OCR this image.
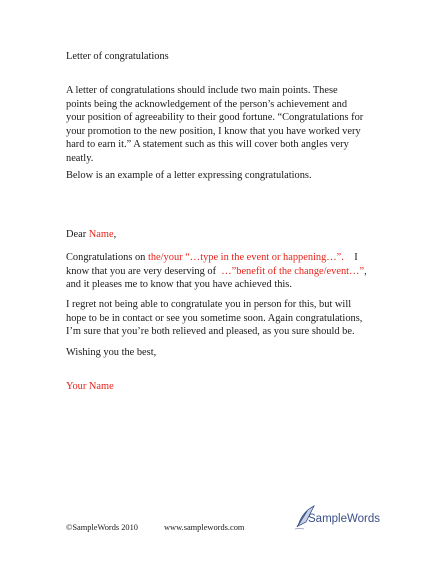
Letter of congratulations
A letter of congratulations should include two main points. These
points being the acknowledgement of the person’s achievement and
your position of agreeability to their good fortune. “Congratulations for
your promotion to the new position, I know that you have worked very
hard to earn it.” A statement such as this will cover both angles very
neatly.
Below is an example of a letter expressing congratulations.
Dear Name,
Congratulations on the/your “…type in the event or happening…”.    I
know that you are very deserving of  …”benefit of the change/event…”,
and it pleases me to know that you have achieved this.
I regret not being able to congratulate you in person for this, but will
hope to be in contact or see you sometime soon. Again congratulations,
I’m sure that you’re both relieved and pleased, as you sure should be.
Wishing you the best,
Your Name
©SampleWords 2010	www.samplewords.com
SampleWords
